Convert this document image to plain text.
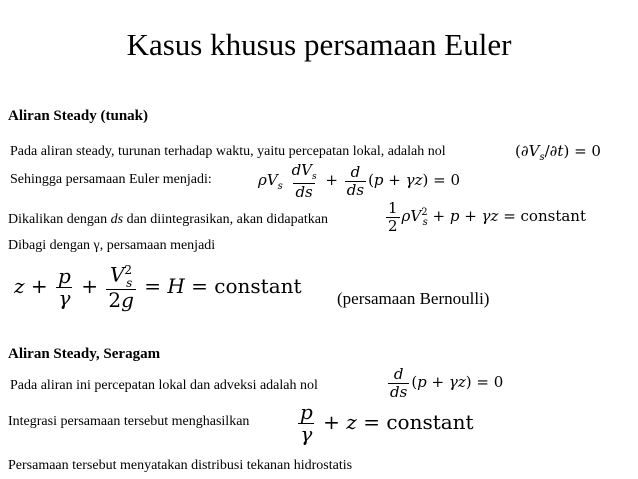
Kasus khusus persamaan Euler
Aliran Steady (tunak)
Pada aliran steady, turunan terhadap waktu, yaitu percepatan lokal, adalah nol	$(\partial V_s/\partial t) = 0$
Sehingga persamaan Euler menjadi:	$\rho V_s \frac{dV_s}{ds} + \frac{d}{ds} (p + \gamma z) = 0$
Dikalikan dengan ds dan diintegrasikan, akan didapatkan	$\frac{1}{2} \rho V^2_s + p + \gamma z$ = constant
Dibagi dengan γ, persamaan menjadi
$z + \frac{p}{\gamma} + \frac{V^2_s}{2g} = H$ = constant
(persamaan Bernoulli)
Aliran Steady, Seragam
Pada aliran ini percepatan lokal dan adveksi adalah nol	$\frac{d}{ds} (p + \gamma z) = 0$
Integrasi persamaan tersebut menghasilkan $\frac{p}{\gamma} + z$ = constant
Persamaan tersebut menyatakan distribusi tekanan hidrostatis
